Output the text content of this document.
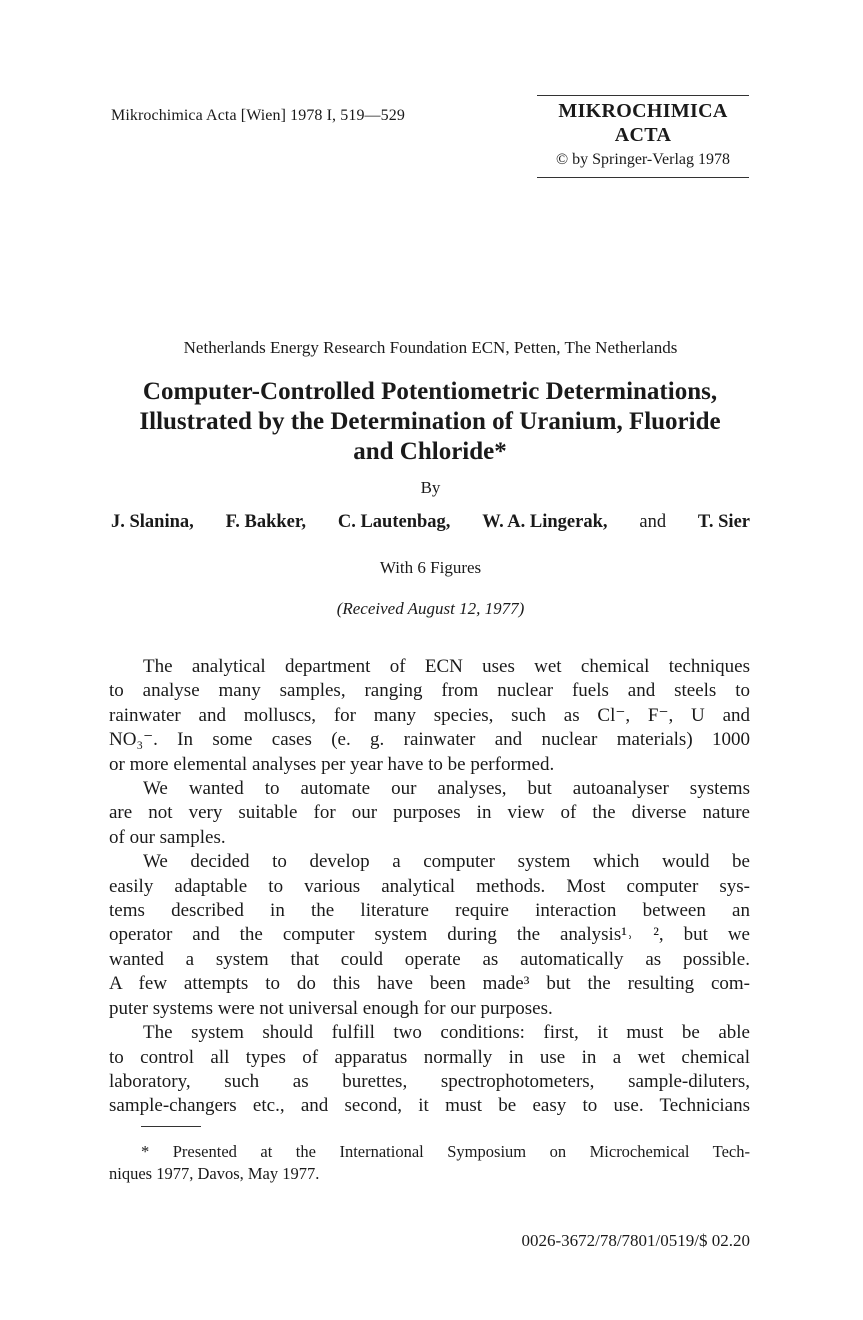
Mikrochimica Acta [Wien] 1978 I, 519—529	MIKROCHIMICA
ACTA
© by Springer-Verlag 1978
Netherlands Energy Research Foundation ECN, Petten, The Netherlands
Computer-Controlled Potentiometric Determinations,
Illustrated by the Determination of Uranium, Fluoride
and Chloride*
By
J. Slanina, F. Bakker, C. Lautenbag, W. A. Lingerak, and T. Sier
With 6 Figures
(Received August 12, 1977)

The analytical department of ECN uses wet chemical techniques

to analyse many samples, ranging from nuclear fuels and steels to

rainwater and molluscs, for many species, such as Cl⁻, F⁻, U and

NO₃⁻. In some cases (e. g. rainwater and nuclear materials) 1000

or more elemental analyses per year have to be performed.

We wanted to automate our analyses, but autoanalyser systems

are not very suitable for our purposes in view of the diverse nature

of our samples.

We decided to develop a computer system which would be

easily adaptable to various analytical methods. Most computer sys-

tems described in the literature require interaction between an

operator and the computer system during the analysis¹˒ ², but we

wanted a system that could operate as automatically as possible.

A few attempts to do this have been made³ but the resulting com-

puter systems were not universal enough for our purposes.

The system should fulfill two conditions: first, it must be able

to control all types of apparatus normally in use in a wet chemical

laboratory, such as burettes, spectrophotometers, sample-diluters,

sample-changers etc., and second, it must be easy to use. Technicians

* Presented at the International Symposium on Microchemical Tech-

niques 1977, Davos, May 1977.

0026-3672/78/7801/0519/$ 02.20
